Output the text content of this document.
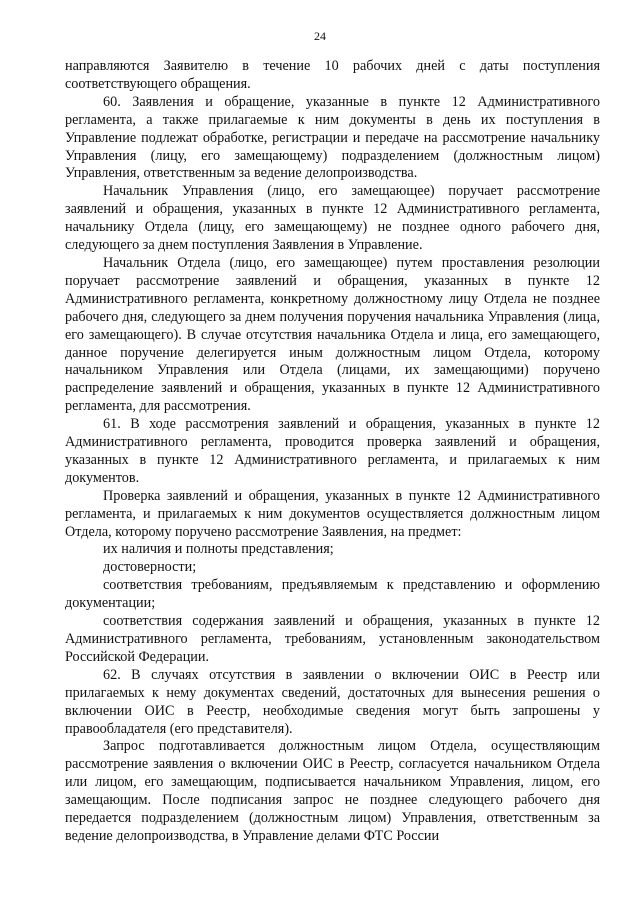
24

направляются Заявителю в течение 10 рабочих дней с даты поступления соответствующего обращения.

60. Заявления и обращение, указанные в пункте 12 Административного регламента, а также прилагаемые к ним документы в день их поступления в Управление подлежат обработке, регистрации и передаче на рассмотрение начальнику Управления (лицу, его замещающему) подразделением (должностным лицом) Управления, ответственным за ведение делопроизводства.

Начальник Управления (лицо, его замещающее) поручает рассмотрение заявлений и обращения, указанных в пункте 12 Административного регламента, начальнику Отдела (лицу, его замещающему) не позднее одного рабочего дня, следующего за днем поступления Заявления в Управление.

Начальник Отдела (лицо, его замещающее) путем проставления резолюции поручает рассмотрение заявлений и обращения, указанных в пункте 12 Административного регламента, конкретному должностному лицу Отдела не позднее рабочего дня, следующего за днем получения поручения начальника Управления (лица, его замещающего). В случае отсутствия начальника Отдела и лица, его замещающего, данное поручение делегируется иным должностным лицом Отдела, которому начальником Управления или Отдела (лицами, их замещающими) поручено распределение заявлений и обращения, указанных в пункте 12 Административного регламента, для рассмотрения.

61. В ходе рассмотрения заявлений и обращения, указанных в пункте 12 Административного регламента, проводится проверка заявлений и обращения, указанных в пункте 12 Административного регламента, и прилагаемых к ним документов.

Проверка заявлений и обращения, указанных в пункте 12 Административного регламента, и прилагаемых к ним документов осуществляется должностным лицом Отдела, которому поручено рассмотрение Заявления, на предмет:

их наличия и полноты представления;

достоверности;

соответствия требованиям, предъявляемым к представлению и оформлению документации;

соответствия содержания заявлений и обращения, указанных в пункте 12 Административного регламента, требованиям, установленным законодательством Российской Федерации.

62. В случаях отсутствия в заявлении о включении ОИС в Реестр или прилагаемых к нему документах сведений, достаточных для вынесения решения о включении ОИС в Реестр, необходимые сведения могут быть запрошены у правообладателя (его представителя).

Запрос подготавливается должностным лицом Отдела, осуществляющим рассмотрение заявления о включении ОИС в Реестр, согласуется начальником Отдела или лицом, его замещающим, подписывается начальником Управления, лицом, его замещающим. После подписания запрос не позднее следующего рабочего дня передается подразделением (должностным лицом) Управления, ответственным за ведение делопроизводства, в Управление делами ФТС России
